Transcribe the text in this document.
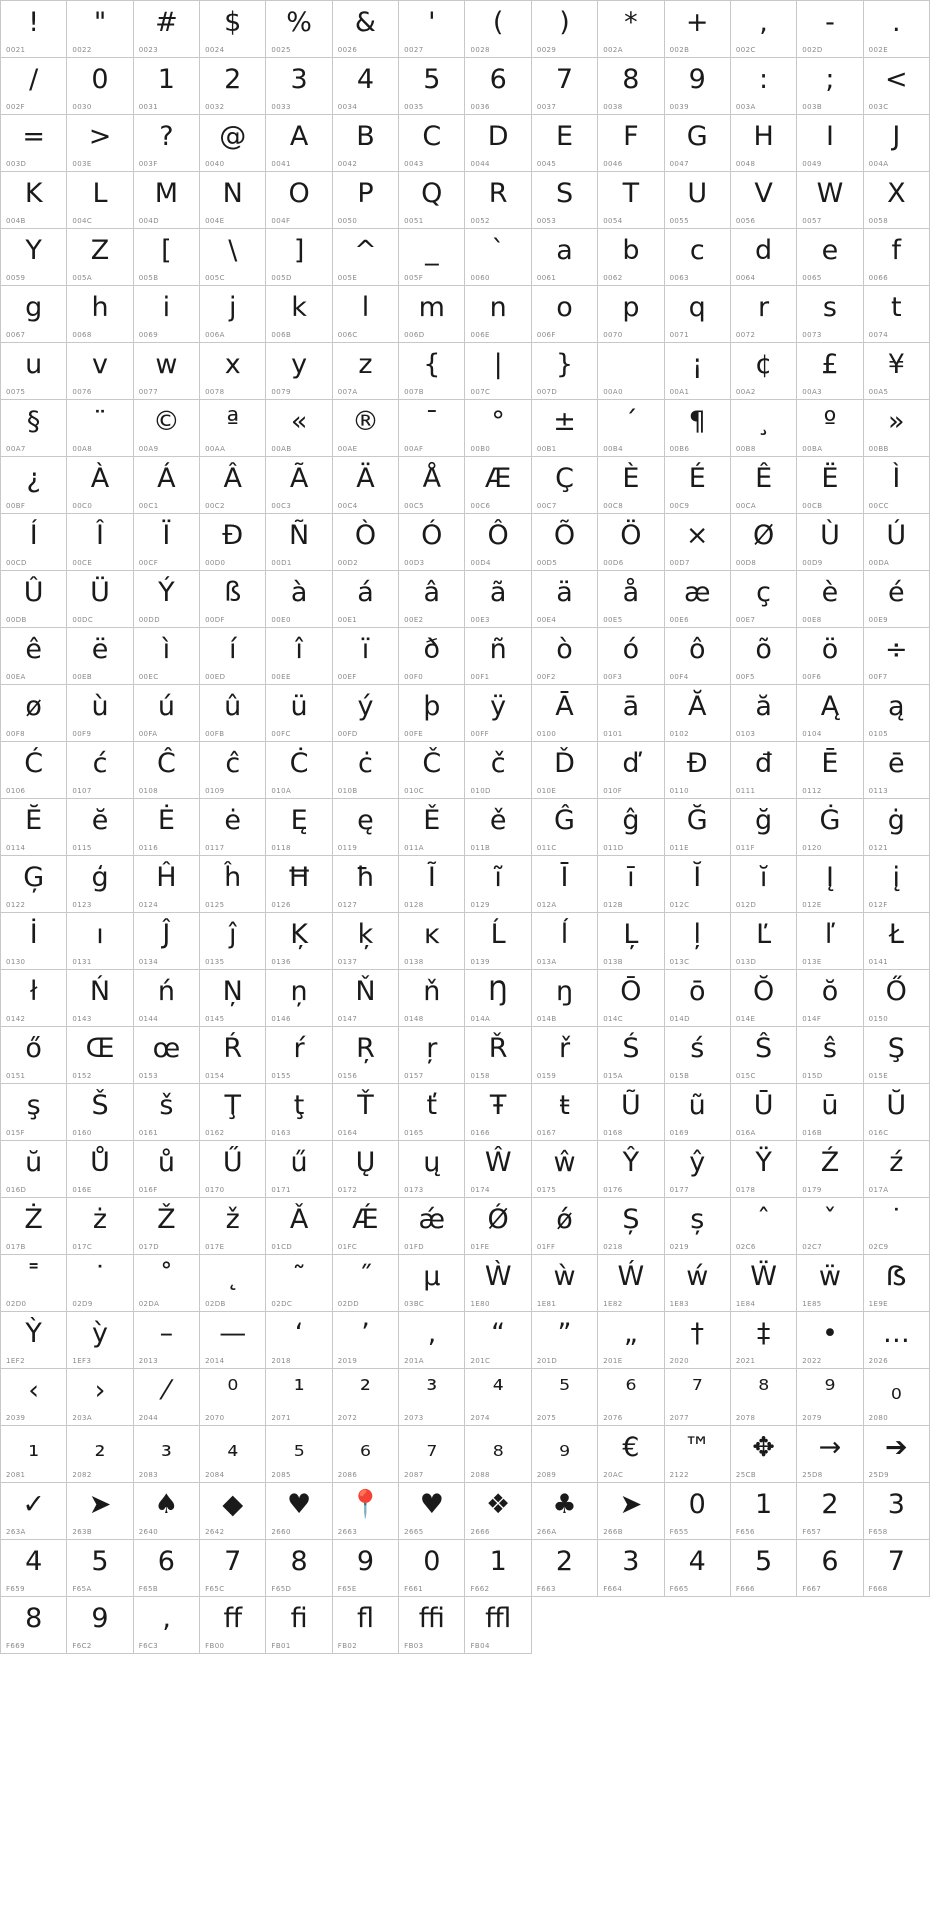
!
0021
"
0022
#
0023
$
0024
%
0025
&
0026
'
0027
(
0028
)
0029
*
002A
+
002B
,
002C
-
002D
.
002E
/
002F
0
0030
1
0031
2
0032
3
0033
4
0034
5
0035
6
0036
7
0037
8
0038
9
0039
:
003A
;
003B
<
003C
=
003D
>
003E
?
003F
@
0040
A
0041
B
0042
C
0043
D
0044
E
0045
F
0046
G
0047
H
0048
I
0049
J
004A
K
004B
L
004C
M
004D
N
004E
O
004F
P
0050
Q
0051
R
0052
S
0053
T
0054
U
0055
V
0056
W
0057
X
0058
Y
0059
Z
005A
[
005B
\
005C
]
005D
^
005E
_
005F
`
0060
a
0061
b
0062
c
0063
d
0064
e
0065
f
0066
g
0067
h
0068
i
0069
j
006A
k
006B
l
006C
m
006D
n
006E
o
006F
p
0070
q
0071
r
0072
s
0073
t
0074
u
0075
v
0076
w
0077
x
0078
y
0079
z
007A
{
007B
|
007C
}
007D	00A0
¡
00A1
¢
00A2
£
00A3
¥
00A5
§
00A7
¨
00A8
©
00A9
ª
00AA
«
00AB
®
00AE
¯
00AF
°
00B0
±
00B1
´
00B4
¶
00B6
¸
00B8
º
00BA
»
00BB
¿
00BF
À
00C0
Á
00C1
Â
00C2
Ã
00C3
Ä
00C4
Å
00C5
Æ
00C6
Ç
00C7
È
00C8
É
00C9
Ê
00CA
Ë
00CB
Ì
00CC
Í
00CD
Î
00CE
Ï
00CF
Ð
00D0
Ñ
00D1
Ò
00D2
Ó
00D3
Ô
00D4
Õ
00D5
Ö
00D6
×
00D7
Ø
00D8
Ù
00D9
Ú
00DA
Û
00DB
Ü
00DC
Ý
00DD
ß
00DF
à
00E0
á
00E1
â
00E2
ã
00E3
ä
00E4
å
00E5
æ
00E6
ç
00E7
è
00E8
é
00E9
ê
00EA
ë
00EB
ì
00EC
í
00ED
î
00EE
ï
00EF
ð
00F0
ñ
00F1
ò
00F2
ó
00F3
ô
00F4
õ
00F5
ö
00F6
÷
00F7
ø
00F8
ù
00F9
ú
00FA
û
00FB
ü
00FC
ý
00FD
þ
00FE
ÿ
00FF
Ā
0100
ā
0101
Ă
0102
ă
0103
Ą
0104
ą
0105
Ć
0106
ć
0107
Ĉ
0108
ĉ
0109
Ċ
010A
ċ
010B
Č
010C
č
010D
Ď
010E
ď
010F
Đ
0110
đ
0111
Ē
0112
ē
0113
Ĕ
0114
ĕ
0115
Ė
0116
ė
0117
Ę
0118
ę
0119
Ě
011A
ě
011B
Ĝ
011C
ĝ
011D
Ğ
011E
ğ
011F
Ġ
0120
ġ
0121
Ģ
0122
ģ
0123
Ĥ
0124
ĥ
0125
Ħ
0126
ħ
0127
Ĩ
0128
ĩ
0129
Ī
012A
ī
012B
Ĭ
012C
ĭ
012D
Į
012E
į
012F
İ
0130
ı
0131
Ĵ
0134
ĵ
0135
Ķ
0136
ķ
0137
ĸ
0138
Ĺ
0139
ĺ
013A
Ļ
013B
ļ
013C
Ľ
013D
ľ
013E
Ł
0141
ł
0142
Ń
0143
ń
0144
Ņ
0145
ņ
0146
Ň
0147
ň
0148
Ŋ
014A
ŋ
014B
Ō
014C
ō
014D
Ŏ
014E
ŏ
014F
Ő
0150
ő
0151
Œ
0152
œ
0153
Ŕ
0154
ŕ
0155
Ŗ
0156
ŗ
0157
Ř
0158
ř
0159
Ś
015A
ś
015B
Ŝ
015C
ŝ
015D
Ş
015E
ş
015F
Š
0160
š
0161
Ţ
0162
ţ
0163
Ť
0164
ť
0165
Ŧ
0166
ŧ
0167
Ũ
0168
ũ
0169
Ū
016A
ū
016B
Ŭ
016C
ŭ
016D
Ů
016E
ů
016F
Ű
0170
ű
0171
Ų
0172
ų
0173
Ŵ
0174
ŵ
0175
Ŷ
0176
ŷ
0177
Ÿ
0178
Ź
0179
ź
017A
Ż
017B
ż
017C
Ž
017D
ž
017E
Ǎ
01CD
Ǽ
01FC
ǽ
01FD
Ǿ
01FE
ǿ
01FF
Ș
0218
ș
0219
ˆ
02C6
ˇ
02C7
˙
02C9
˭
02D0
˙
02D9
˚
02DA
˛
02DB
˜
02DC
˝
02DD
µ
03BC
Ẁ
1E80
ẁ
1E81
Ẃ
1E82
ẃ
1E83
Ẅ
1E84
ẅ
1E85
ẞ
1E9E
Ỳ
1EF2
ỳ
1EF3
–
2013
—
2014
‘
2018
’
2019
‚
201A
“
201C
”
201D
„
201E
†
2020
‡
2021
•
2022
…
2026
‹
2039
›
203A
⁄
2044
⁰
2070
¹
2071
²
2072
³
2073
⁴
2074
⁵
2075
⁶
2076
⁷
2077
⁸
2078
⁹
2079
₀
2080
₁
2081
₂
2082
₃
2083
₄
2084
₅
2085
₆
2086
₇
2087
₈
2088
₉
2089
€
20AC
™
2122
✥
25CB
→
25D8
➔
25D9
✓
263A
➤
263B
♠
2640
◆
2642
♥
2660
📍
2663
♥
2665
❖
2666
♣
266A
➤
266B
0
F655
1
F656
2
F657
3
F658
4
F659
5
F65A
6
F65B
7
F65C
8
F65D
9
F65E
0
F661
1
F662
2
F663
3
F664
4
F665
5
F666
6
F667
7
F668
8
F669
9
F6C2
‚
F6C3
ff
FB00
fi
FB01
fl
FB02
ffi
FB03
ffl
FB04
